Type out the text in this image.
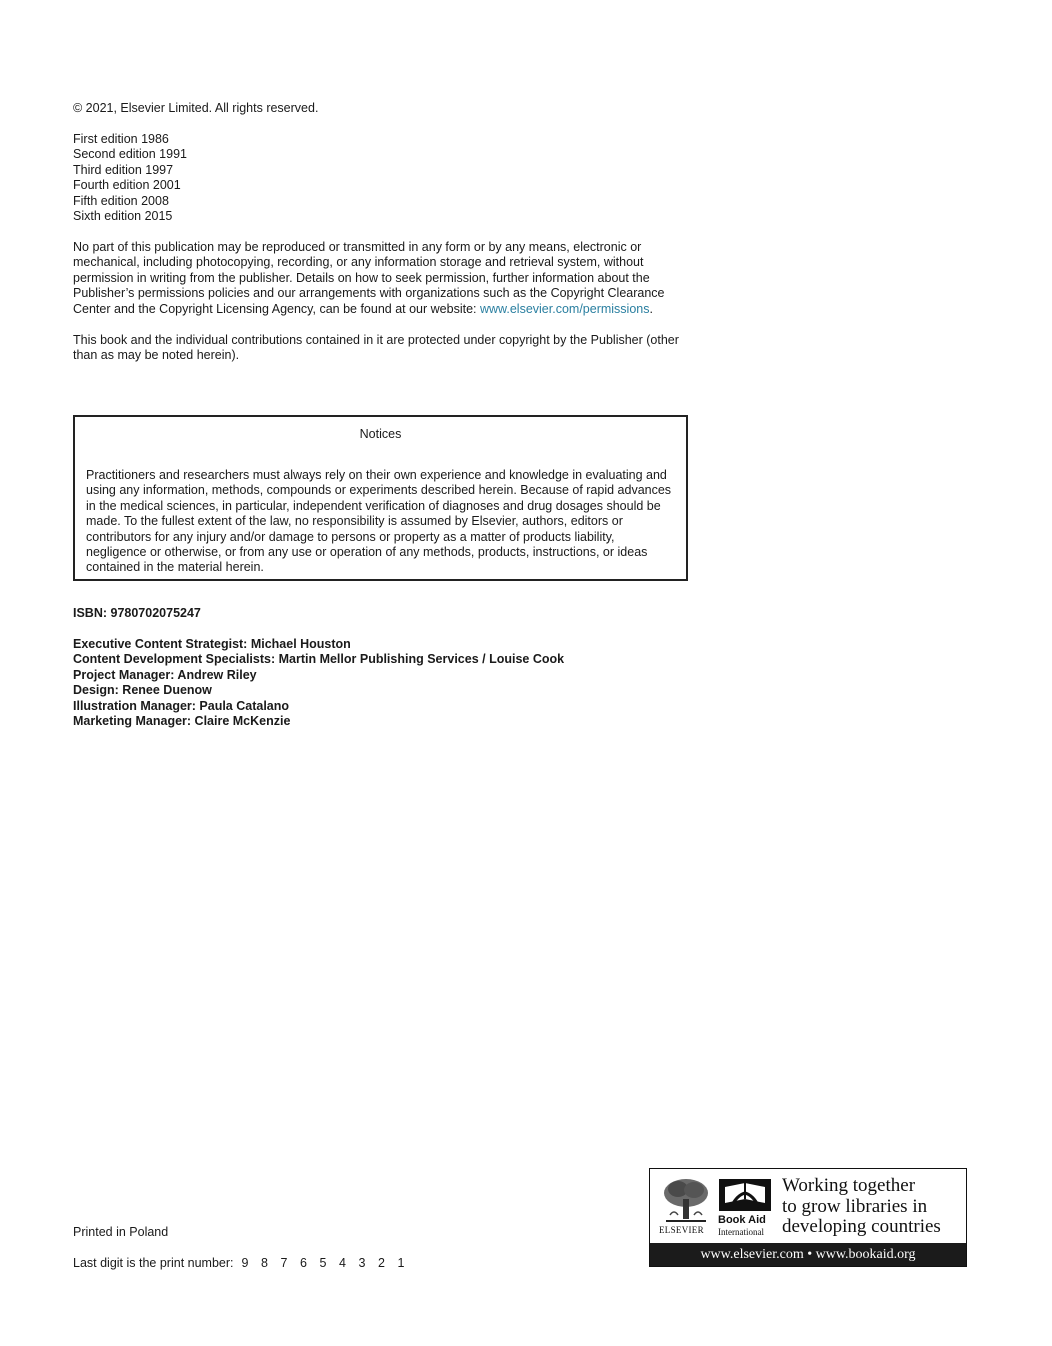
© 2021, Elsevier Limited. All rights reserved.

First edition 1986
Second edition 1991
Third edition 1997
Fourth edition 2001
Fifth edition 2008
Sixth edition 2015

No part of this publication may be reproduced or transmitted in any form or by any means, electronic or mechanical, including photocopying, recording, or any information storage and retrieval system, without permission in writing from the publisher. Details on how to seek permission, further information about the Publisher’s permissions policies and our arrangements with organizations such as the Copyright Clearance Center and the Copyright Licensing Agency, can be found at our website: www.elsevier.com/permissions.

This book and the individual contributions contained in it are protected under copyright by the Publisher (other than as may be noted herein).

Notices
Practitioners and researchers must always rely on their own experience and knowledge in evaluating and using any information, methods, compounds or experiments described herein. Because of rapid advances in the medical sciences, in particular, independent verification of diagnoses and drug dosages should be made. To the fullest extent of the law, no responsibility is assumed by Elsevier, authors, editors or contributors for any injury and/or damage to persons or property as a matter of products liability, negligence or otherwise, or from any use or operation of any methods, products, instructions, or ideas contained in the material herein.
ISBN: 9780702075247
Executive Content Strategist: Michael Houston
Content Development Specialists: Martin Mellor Publishing Services / Louise Cook
Project Manager: Andrew Riley
Design: Renee Duenow
Illustration Manager: Paula Catalano
Marketing Manager: Claire McKenzie
Printed in Poland
Last digit is the print number: 9 8 7 6 5 4 3 2 1
ELSEVIER
Book Aid
International
Working together
to grow libraries in
developing countries
www.elsevier.com • www.bookaid.org
